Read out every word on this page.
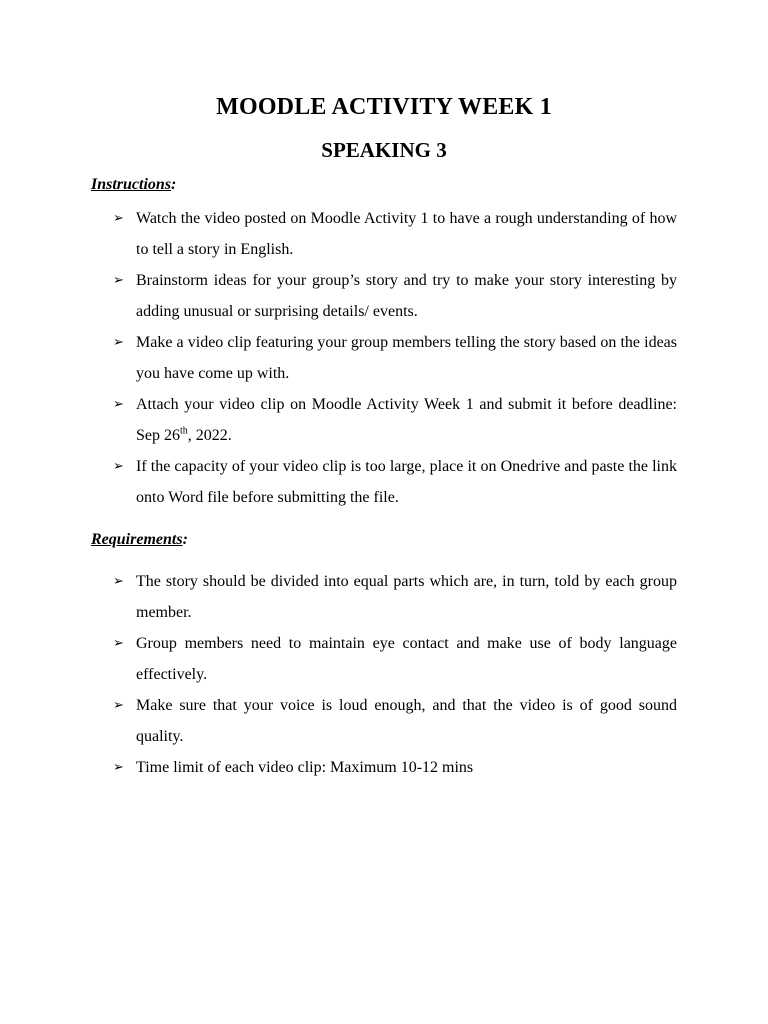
MOODLE ACTIVITY WEEK 1
SPEAKING 3

Instructions:

➢ Watch the video posted on Moodle Activity 1 to have a rough understanding of how to tell a story in English.
➢ Brainstorm ideas for your group’s story and try to make your story interesting by adding unusual or surprising details/ events.
➢ Make a video clip featuring your group members telling the story based on the ideas you have come up with.
➢ Attach your video clip on Moodle Activity Week 1 and submit it before deadline: Sep 26th, 2022.
➢ If the capacity of your video clip is too large, place it on Onedrive and paste the link onto Word file before submitting the file.

Requirements:

➢ The story should be divided into equal parts which are, in turn, told by each group member.
➢ Group members need to maintain eye contact and make use of body language effectively.
➢ Make sure that your voice is loud enough, and that the video is of good sound quality.
➢ Time limit of each video clip: Maximum 10-12 mins
